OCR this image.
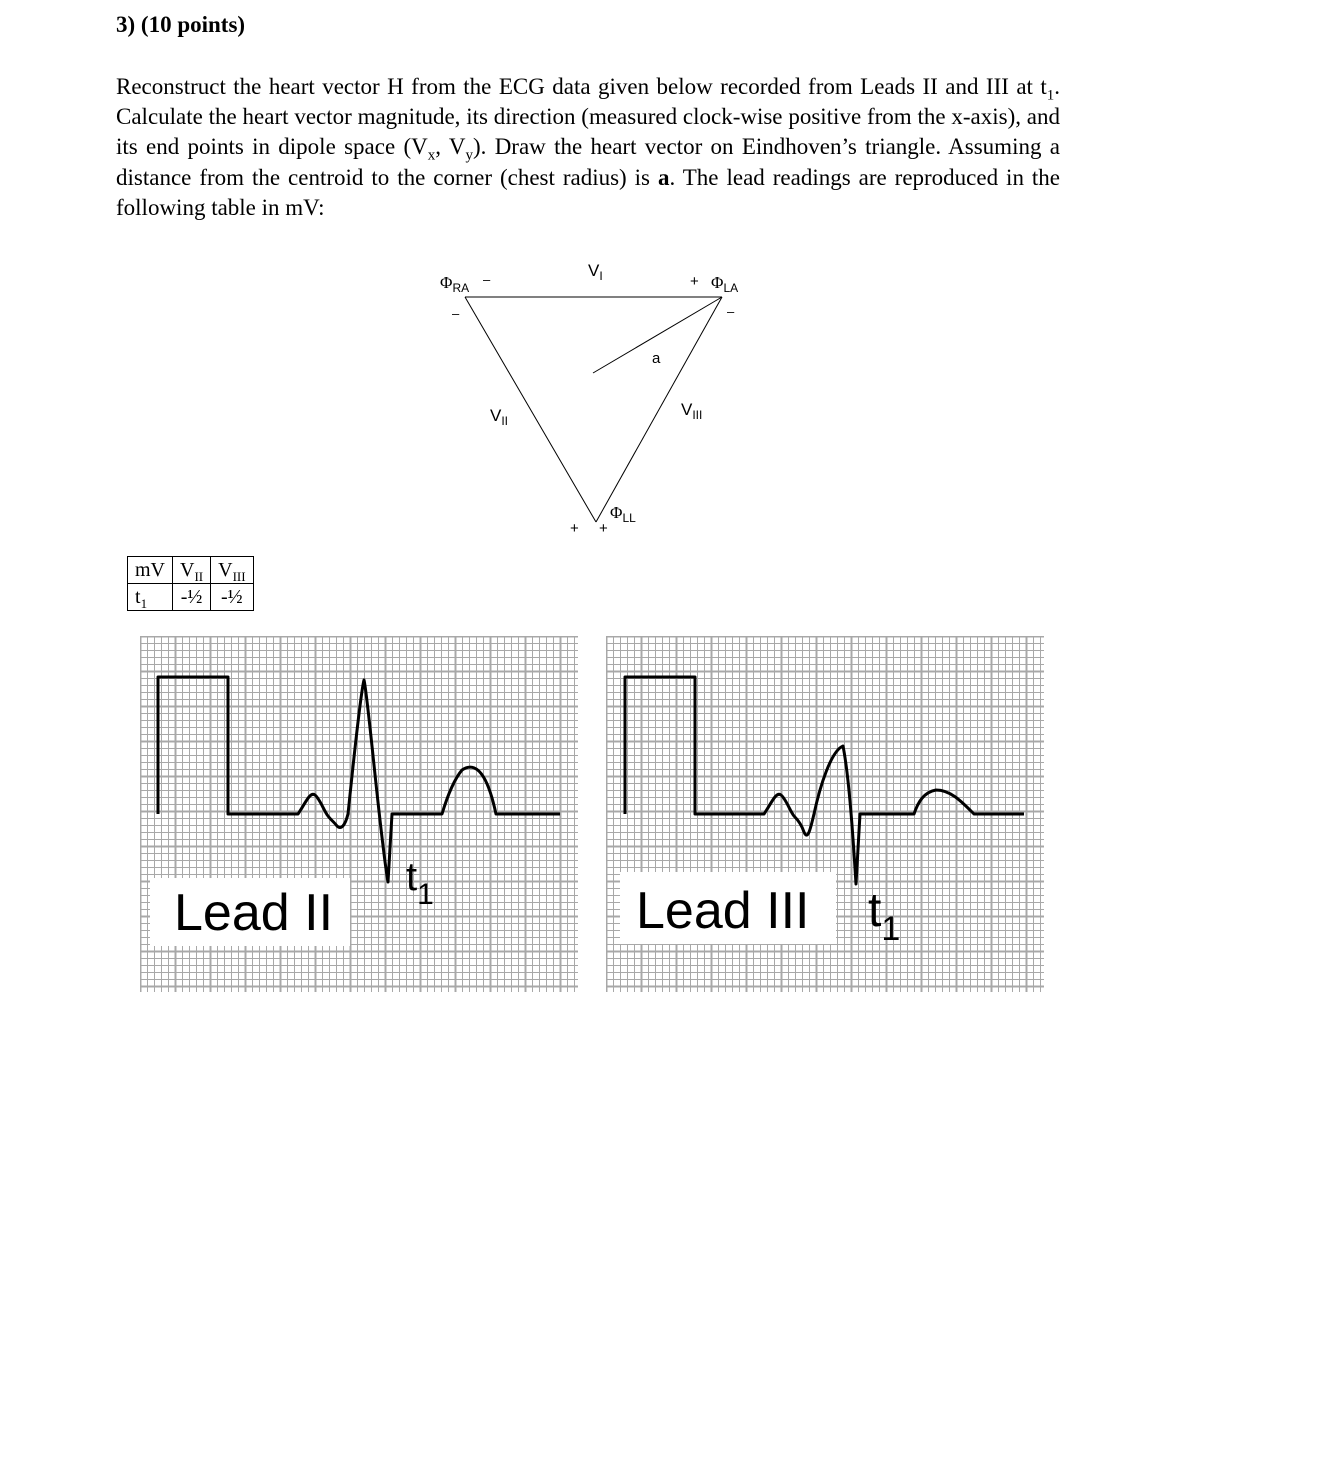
3) (10 points)
Reconstruct the heart vector H from the ECG data given below recorded from Leads II and III at $t_1$. Calculate the heart vector magnitude, its direction (measured clock-wise positive from the x-axis), and its end points in dipole space ($V_x$, $V_y$). Draw the heart vector on Eindhoven’s triangle. Assuming a distance from the centroid to the corner (chest radius) is a. The lead readings are reproduced in the following table in mV:
$V_I$
$V_{II}$
$V_{III}$
a
$\Phi_{RA}$	$\Phi_{LA}$
$\Phi_{LL}$
–	+
–	–
+ +
mV	$V_{II}$	$V_{III}$
$t_1$	-½	-½
Lead II
$t_1$	Lead III $t_1$
